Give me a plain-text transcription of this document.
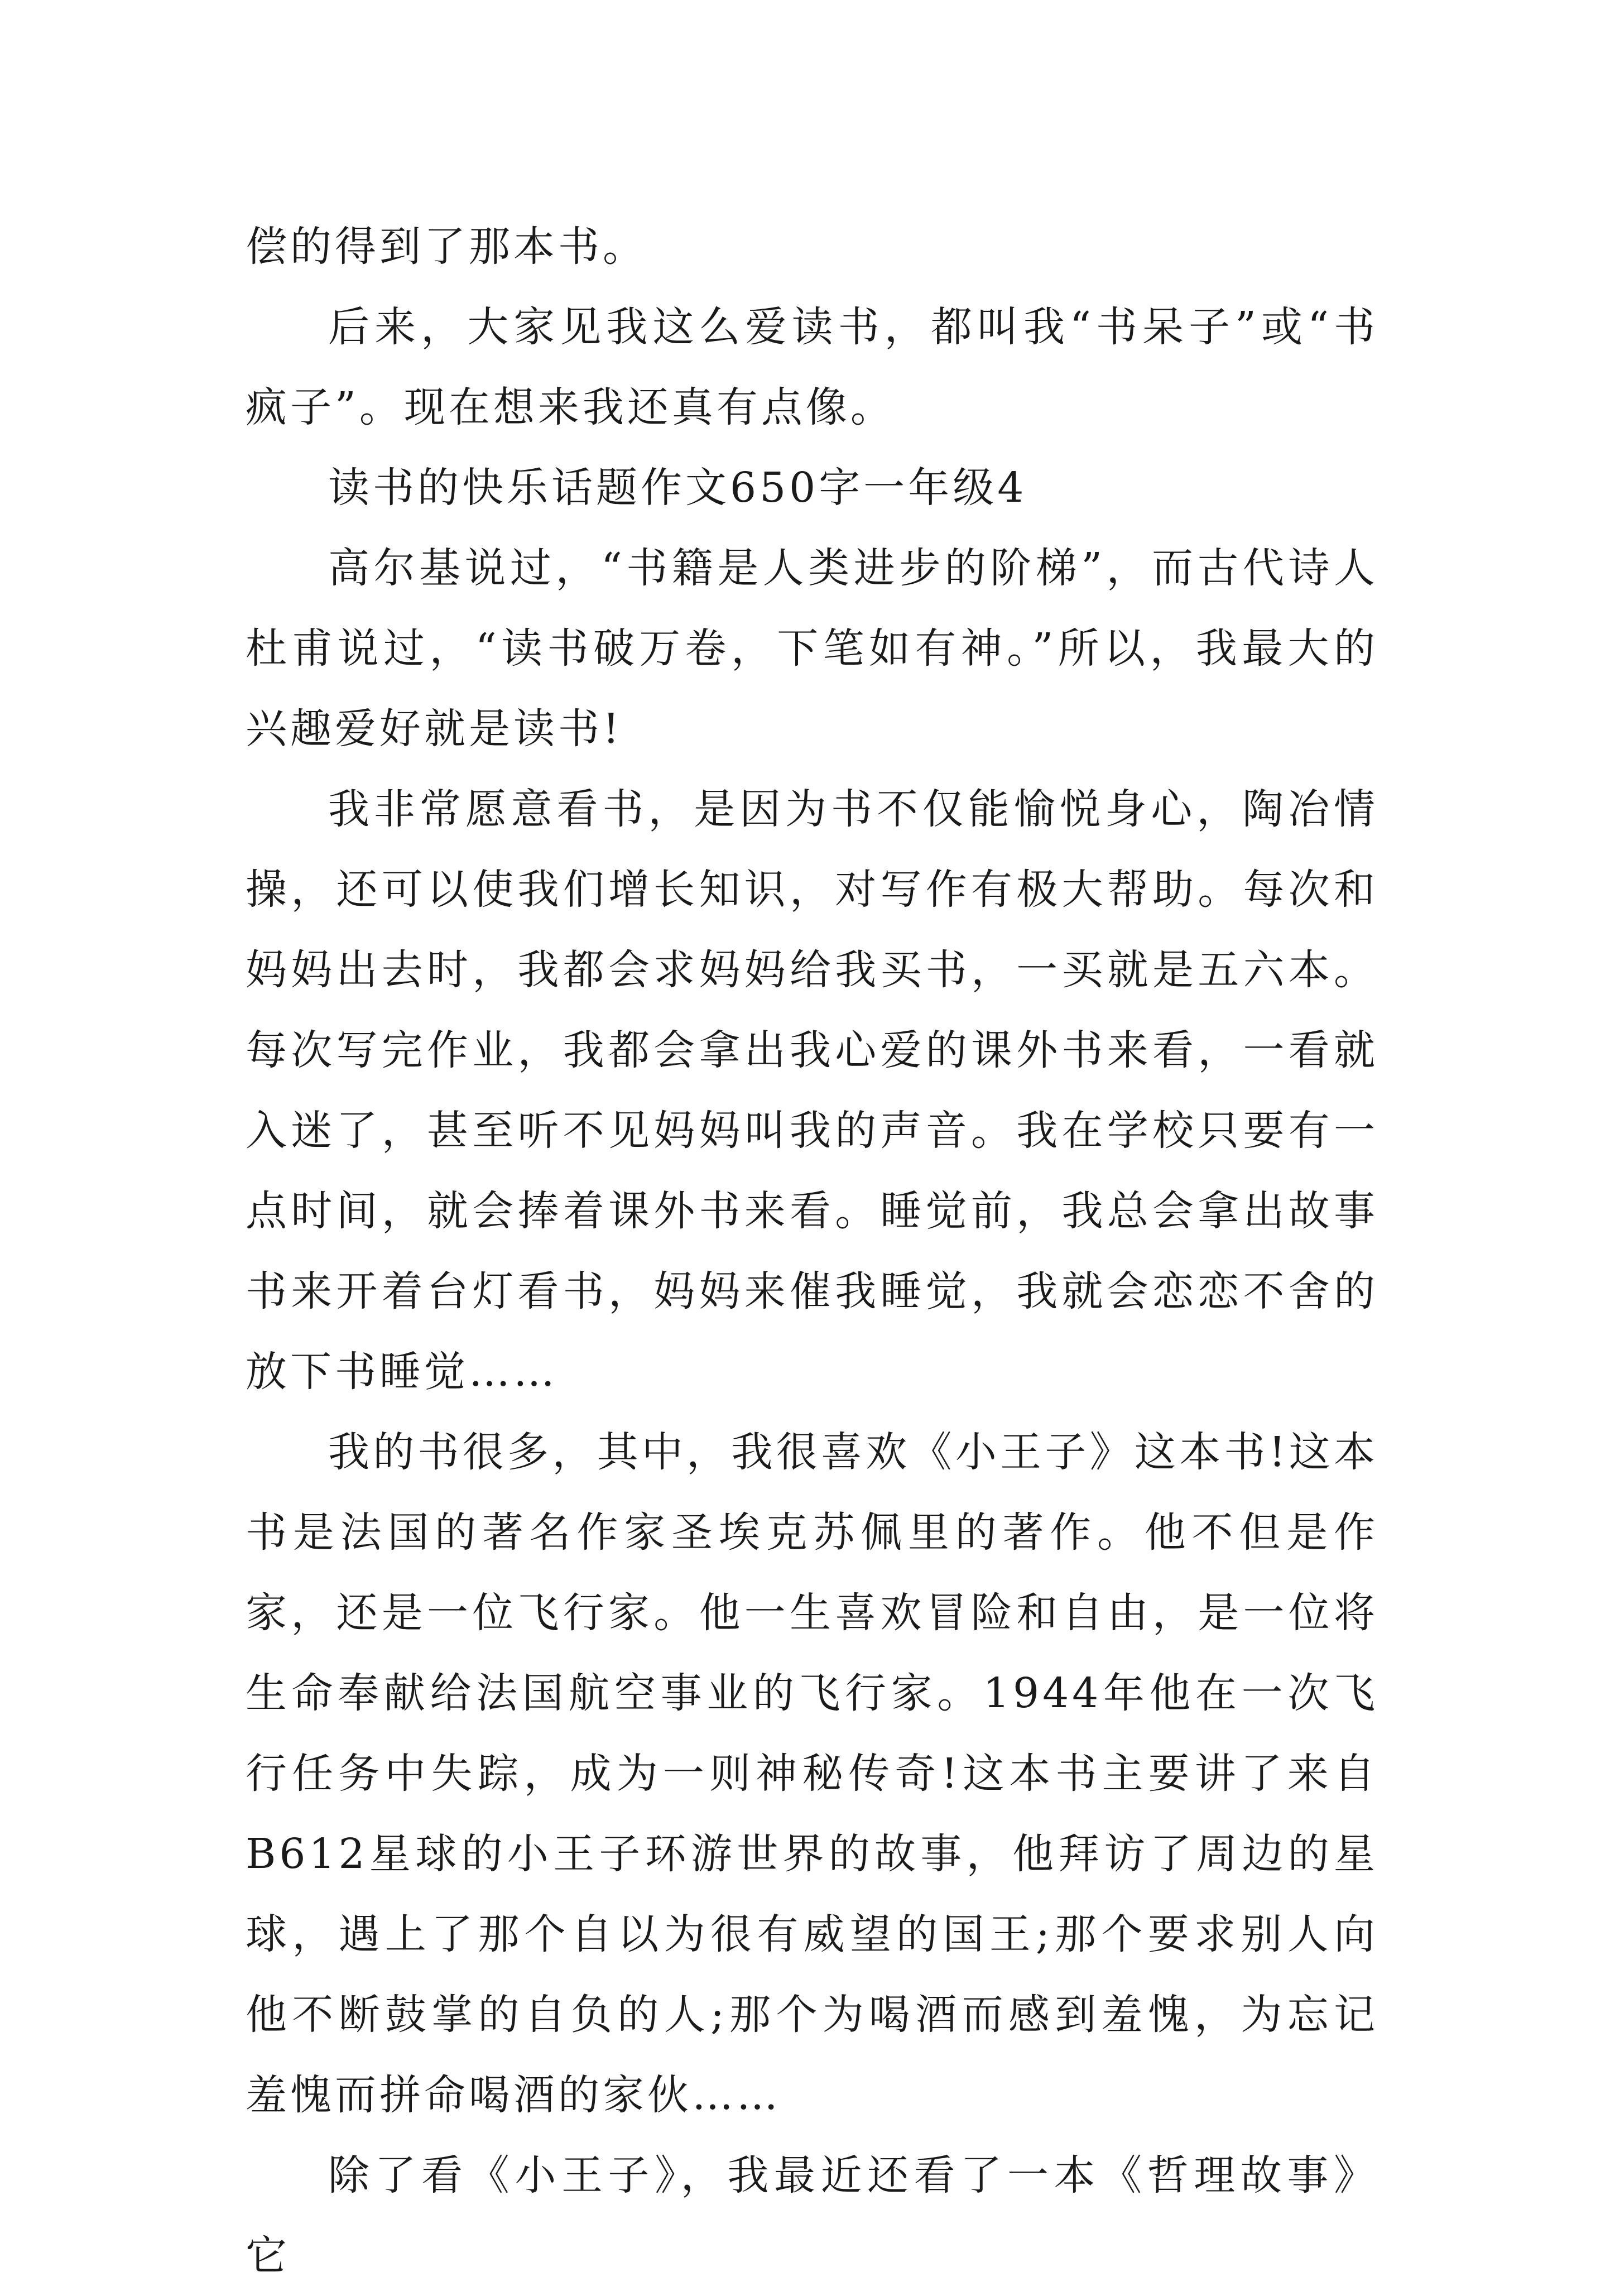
偿的得到了那本书。

后来，大家见我这么爱读书，都叫我“书呆子”或“书疯子”。现在想来我还真有点像。

读书的快乐话题作文650字一年级4

高尔基说过，“书籍是人类进步的阶梯”，而古代诗人杜甫说过，“读书破万卷，下笔如有神。”所以，我最大的兴趣爱好就是读书!

我非常愿意看书，是因为书不仅能愉悦身心，陶冶情操，还可以使我们增长知识，对写作有极大帮助。每次和妈妈出去时，我都会求妈妈给我买书，一买就是五六本。每次写完作业，我都会拿出我心爱的课外书来看，一看就入迷了，甚至听不见妈妈叫我的声音。我在学校只要有一点时间，就会捧着课外书来看。睡觉前，我总会拿出故事书来开着台灯看书，妈妈来催我睡觉，我就会恋恋不舍的放下书睡觉……

我的书很多，其中，我很喜欢《小王子》这本书!这本书是法国的著名作家圣埃克苏佩里的著作。他不但是作家，还是一位飞行家。他一生喜欢冒险和自由，是一位将生命奉献给法国航空事业的飞行家。1944年他在一次飞行任务中失踪，成为一则神秘传奇!这本书主要讲了来自B612星球的小王子环游世界的故事，他拜访了周边的星球，遇上了那个自以为很有威望的国王;那个要求别人向他不断鼓掌的自负的人;那个为喝酒而感到羞愧，为忘记羞愧而拼命喝酒的家伙……

除了看《小王子》，我最近还看了一本《哲理故事》它
